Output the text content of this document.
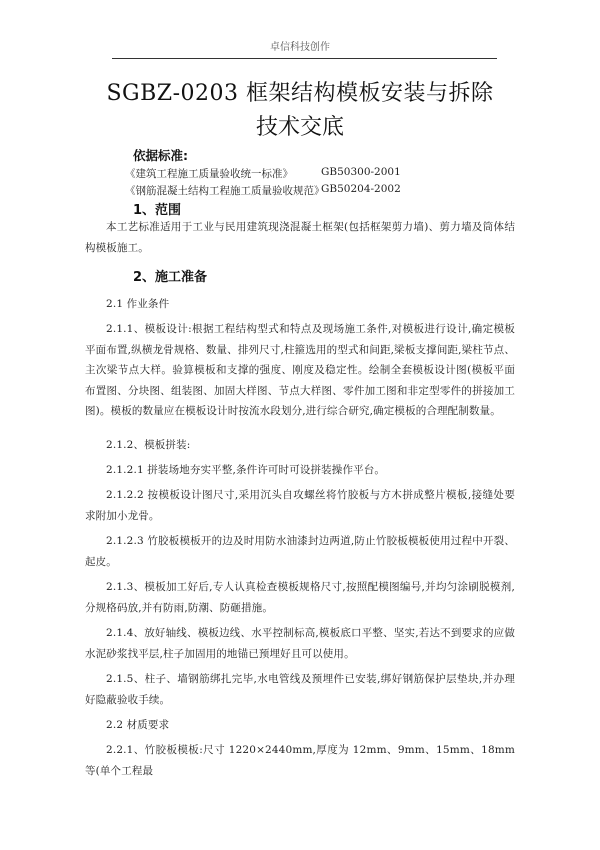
卓信科技创作
SGBZ-0203 框架结构模板安装与拆除
技术交底
依据标准:
《建筑工程施工质量验收统一标准》	GB50300-2001
《钢筋混凝土结构工程施工质量验收规范》
GB50204-2002
1、范围
本工艺标准适用于工业与民用建筑现浇混凝土框架(包括框架剪力墙)、剪力墙及筒体结构模板施工。
2、施工准备
2.1 作业条件
2.1.1、模板设计:根据工程结构型式和特点及现场施工条件,对模板进行设计,确定模板平面布置,纵横龙骨规格、数量、排列尺寸,柱箍选用的型式和间距,梁板支撑间距,梁柱节点、主次梁节点大样。验算模板和支撑的强度、刚度及稳定性。绘制全套模板设计图(模板平面布置图、分块图、组装图、加固大样图、节点大样图、零件加工图和非定型零件的拼接加工图)。模板的数量应在模板设计时按流水段划分,进行综合研究,确定模板的合理配制数量。
2.1.2、模板拼装:
2.1.2.1 拼装场地夯实平整,条件许可时可设拼装操作平台。
2.1.2.2 按模板设计图尺寸,采用沉头自攻螺丝将竹胶板与方木拼成整片模板,接缝处要求附加小龙骨。
2.1.2.3 竹胶板模板开的边及时用防水油漆封边两道,防止竹胶板模板使用过程中开裂、起皮。
2.1.3、模板加工好后,专人认真检查模板规格尺寸,按照配模图编号,并均匀涂刷脱模剂,分规格码放,并有防雨,防潮、防砸措施。
2.1.4、放好轴线、模板边线、水平控制标高,模板底口平整、坚实,若达不到要求的应做水泥砂浆找平层,柱子加固用的地锚已预埋好且可以使用。
2.1.5、柱子、墙钢筋绑扎完毕,水电管线及预埋件已安装,绑好钢筋保护层垫块,并办理好隐蔽验收手续。
2.2 材质要求
2.2.1、竹胶板模板:尺寸 1220×2440mm,厚度为 12mm、9mm、15mm、18mm 等(单个工程最
